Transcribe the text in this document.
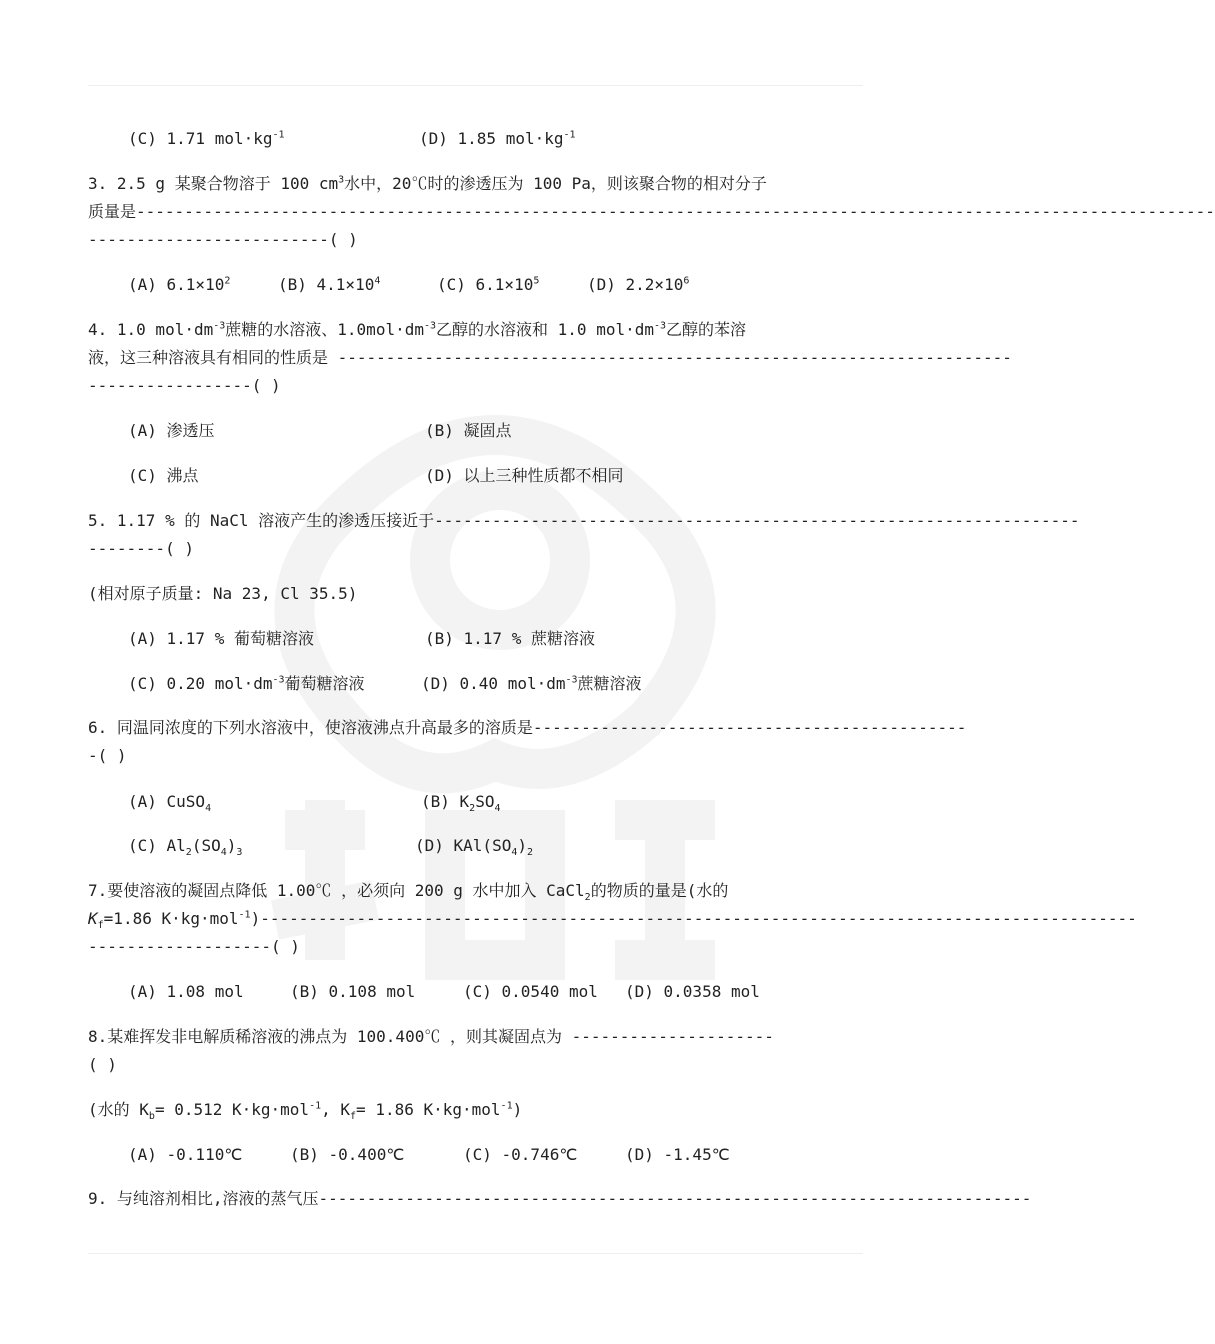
(C) 1.71 $mol\cdot kg^{-1}$	(D) 1.85 $mol\cdot kg^{-1}$
3. 2.5 g 某聚合物溶于 100 $cm^3$水中，20℃时的渗透压为 100 Pa，则该聚合物的相对分子
质量是----------------------------------------------------------------------------------------------------------------
-------------------------( )
(A) $6.1\times 10^2$	(B) $4.1\times 10^4$	(C) $6.1\times 10^5$	(D) $2.2\times 10^6$
4. 1.0 $mol\cdot dm^{-3}$蔗糖的水溶液、$1.0mol\cdot dm^{-3}$乙醇的水溶液和 1.0 $mol\cdot dm^{-3}$乙醇的苯溶
液，这三种溶液具有相同的性质是 ----------------------------------------------------------------------
-----------------( )
(A) 渗透压	(B) 凝固点
(C) 沸点	(D) 以上三种性质都不相同
5. 1.17 % 的 NaCl 溶液产生的渗透压接近于-------------------------------------------------------------------
--------( )
(相对原子质量: Na 23, Cl 35.5)
(A) 1.17 % 葡萄糖溶液	(B) 1.17 % 蔗糖溶液
(C) 0.20 $mol\cdot dm^{-3}$葡萄糖溶液	(D) 0.40 $mol\cdot dm^{-3}$蔗糖溶液
6. 同温同浓度的下列水溶液中，使溶液沸点升高最多的溶质是---------------------------------------------
-( )
(A) CuSO$_4$	(B) $K_2SO_4$
(C) $Al_2(SO_4)_3$	(D) $KAl(SO_4)_2$
7.要使溶液的凝固点降低 1.00℃ ，必须向 200 g 水中加入 CaCl$_2$的物质的量是(水的
$K_f=1.86$ K·kg·mol$^{-1}$)-------------------------------------------------------------------------------------------
-------------------( )
(A) 1.08 mol	(B) 0.108 mol	(C) 0.0540 mol (D) 0.0358 mol
8.某难挥发非电解质稀溶液的沸点为 100.400℃ ，则其凝固点为 ---------------------
( )
(水的 $K_b= 0.512$ K·kg·mol$^{-1}$, $K_f= 1.86$ K·kg·mol$^{-1}$)
(A) -0.110℃	(B) -0.400℃	(C) -0.746℃	(D) -1.45℃
9. 与纯溶剂相比,溶液的蒸气压--------------------------------------------------------------------------
